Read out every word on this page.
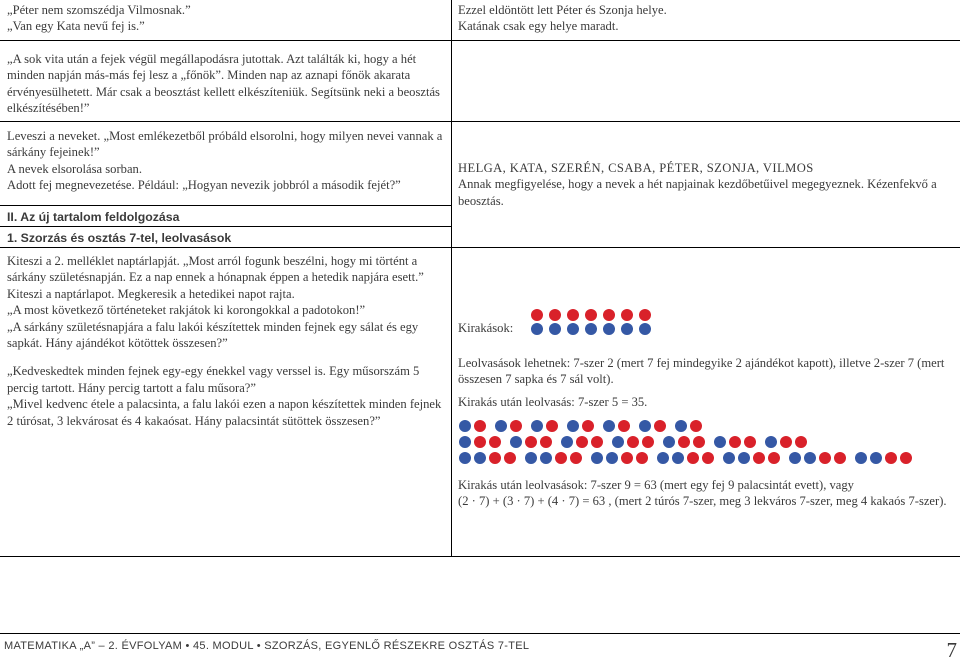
„Péter nem szomszédja Vilmosnak.”

„Van egy Kata nevű fej is.”

„A sok vita után a fejek végül megállapodásra jutottak. Azt találták ki, hogy a hét minden napján más-más fej lesz a „főnök”. Minden nap az aznapi főnök akarata érvényesülhetett. Már csak a beosztást kellett elkészíteniük. Segítsünk neki a beosztás elkészítésében!”

Leveszi a neveket. „Most emlékezetből próbáld elsorolni, hogy milyen nevei vannak a sárkány fejeinek!”

A nevek elsorolása sorban.

Adott fej megnevezetése. Például: „Hogyan nevezik jobbról a második fejét?”

II. Az új tartalom feldolgozása
1. Szorzás és osztás 7-tel, leolvasások

Kiteszi a 2. melléklet naptárlapját. „Most arról fogunk beszélni, hogy mi történt a sárkány születésnapján. Ez a nap ennek a hónapnak éppen a hetedik napjára esett.”

Kiteszi a naptárlapot. Megkeresik a hetedikei napot rajta.

„A most következő történeteket rakjátok ki korongokkal a padotokon!”

„A sárkány születésnapjára a falu lakói készítettek minden fejnek egy sálat és egy sapkát. Hány ajándékot kötöttek összesen?”

„Kedveskedtek minden fejnek egy-egy énekkel vagy verssel is. Egy műsorszám 5 percig tartott. Hány percig tartott a falu műsora?”

„Mivel kedvenc étele a palacsinta, a falu lakói ezen a napon készítettek minden fejnek 2 túrósat, 3 lekvárosat és 4 kakaósat. Hány palacsintát sütöttek összesen?”

Ezzel eldöntött lett Péter és Szonja helye.

Katának csak egy helye maradt.

HELGA, KATA, SZERÉN, CSABA, PÉTER, SZONJA, VILMOS

Annak megfigyelése, hogy a nevek a hét napjainak kezdőbetűivel megegyeznek. Kézenfekvő a beosztás.

Kirakások:

Leolvasások lehetnek: 7-szer 2 (mert 7 fej mindegyike 2 ajándékot kapott), illetve 2-szer 7 (mert összesen 7 sapka és 7 sál volt).

Kirakás után leolvasás: 7-szer 5 = 35.

Kirakás után leolvasások: 7-szer 9 = 63 (mert egy fej 9 palacsintát evett), vagy

(2 · 7) + (3 · 7) + (4 · 7) = 63 , (mert 2 túrós 7-szer, meg 3 lekváros 7-szer, meg 4 kakaós 7-szer).

MATEMATIKA „A” – 2. ÉVFOLYAM • 45. MODUL • SZORZÁS, EGYENLŐ RÉSZEKRE OSZTÁS 7-TEL	7
